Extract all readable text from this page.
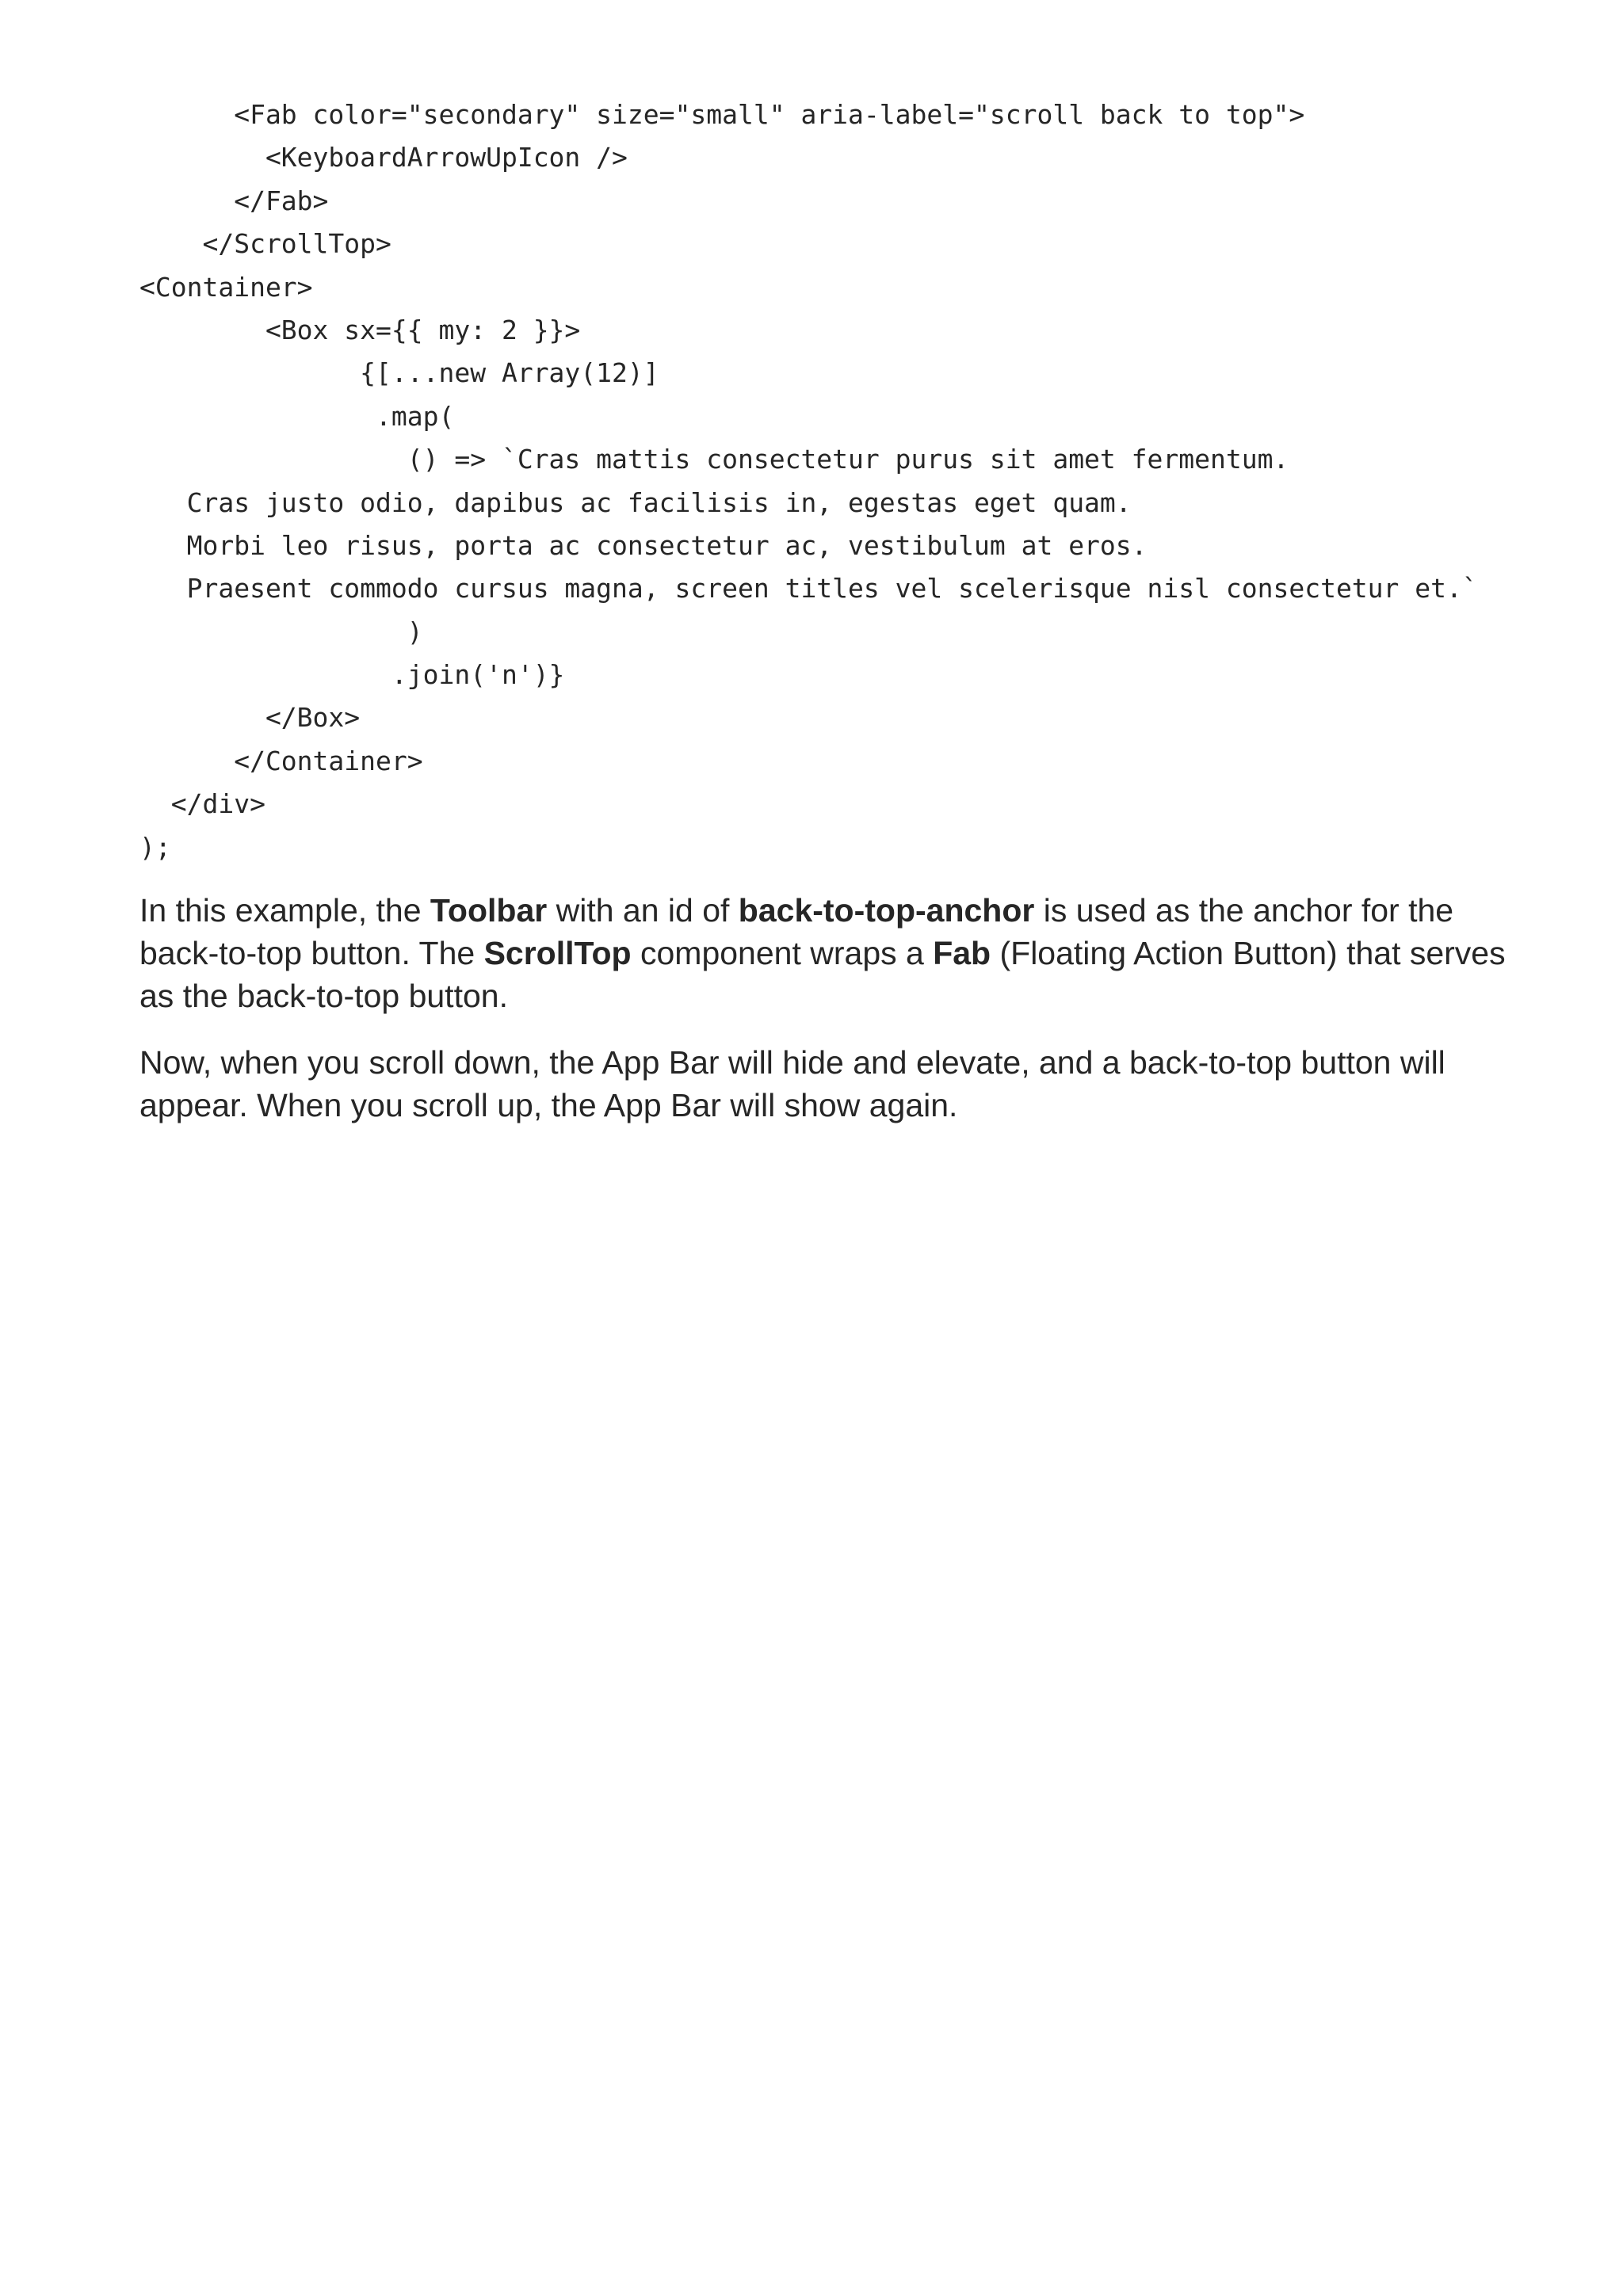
<Fab color="secondary" size="small" aria-label="scroll back to top">
<KeyboardArrowUpIcon />
</Fab>
</ScrollTop>
<Container>
<Box sx={{ my: 2 }}>
{[...new Array(12)]
.map(
() => `Cras mattis consectetur purus sit amet fermentum.
Cras justo odio, dapibus ac facilisis in, egestas eget quam.
Morbi leo risus, porta ac consectetur ac, vestibulum at eros.
Praesent commodo cursus magna, screen titles vel scelerisque nisl consectetur et.`
)
.join('n')}
</Box>
</Container>
</div>
);

In this example, the Toolbar with an id of back-to-top-anchor is used as the anchor for the back-to-top button. The ScrollTop component wraps a Fab (Floating Action Button) that serves as the back-to-top button.

Now, when you scroll down, the App Bar will hide and elevate, and a back-to-top button will appear. When you scroll up, the App Bar will show again.
